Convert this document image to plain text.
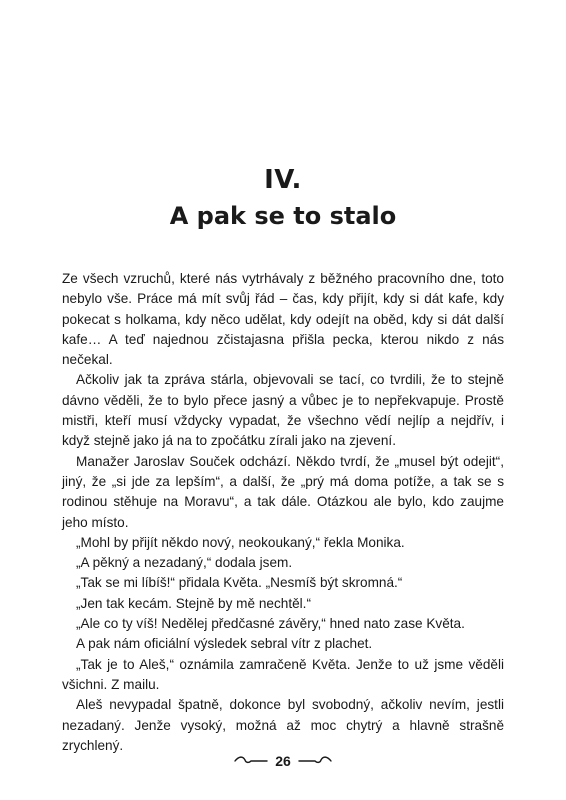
IV.
A pak se to stalo

Ze všech vzruchů, které nás vytrhávaly z běžného pracovního dne, toto nebylo vše. Práce má mít svůj řád – čas, kdy přijít, kdy si dát kafe, kdy pokecat s holkama, kdy něco udělat, kdy odejít na oběd, kdy si dát další kafe… A teď najednou zčistajasna přišla pecka, kterou nikdo z nás nečekal.

Ačkoliv jak ta zpráva stárla, objevovali se tací, co tvrdili, že to stejně dávno věděli, že to bylo přece jasný a vůbec je to nepřekvapuje. Prostě mistři, kteří musí vždycky vypadat, že všechno vědí nejlíp a nejdřív, i když stejně jako já na to zpočátku zírali jako na zjevení.

Manažer Jaroslav Souček odchází. Někdo tvrdí, že „musel být odejit“, jiný, že „si jde za lepším“, a další, že „prý má doma potíže, a tak se s rodinou stěhuje na Moravu“, a tak dále. Otázkou ale bylo, kdo zaujme jeho místo.

„Mohl by přijít někdo nový, neokoukaný,“ řekla Monika.

„A pěkný a nezadaný,“ dodala jsem.

„Tak se mi líbíš!“ přidala Květa. „Nesmíš být skromná.“

„Jen tak kecám. Stejně by mě nechtěl.“

„Ale co ty víš! Nedělej předčasné závěry,“ hned nato zase Květa.

A pak nám oficiální výsledek sebral vítr z plachet.

„Tak je to Aleš,“ oznámila zamračeně Květa. Jenže to už jsme věděli všichni. Z mailu.

Aleš nevypadal špatně, dokonce byl svobodný, ačkoliv nevím, jestli nezadaný. Jenže vysoký, možná až moc chytrý a hlavně strašně zrychlený.

26
